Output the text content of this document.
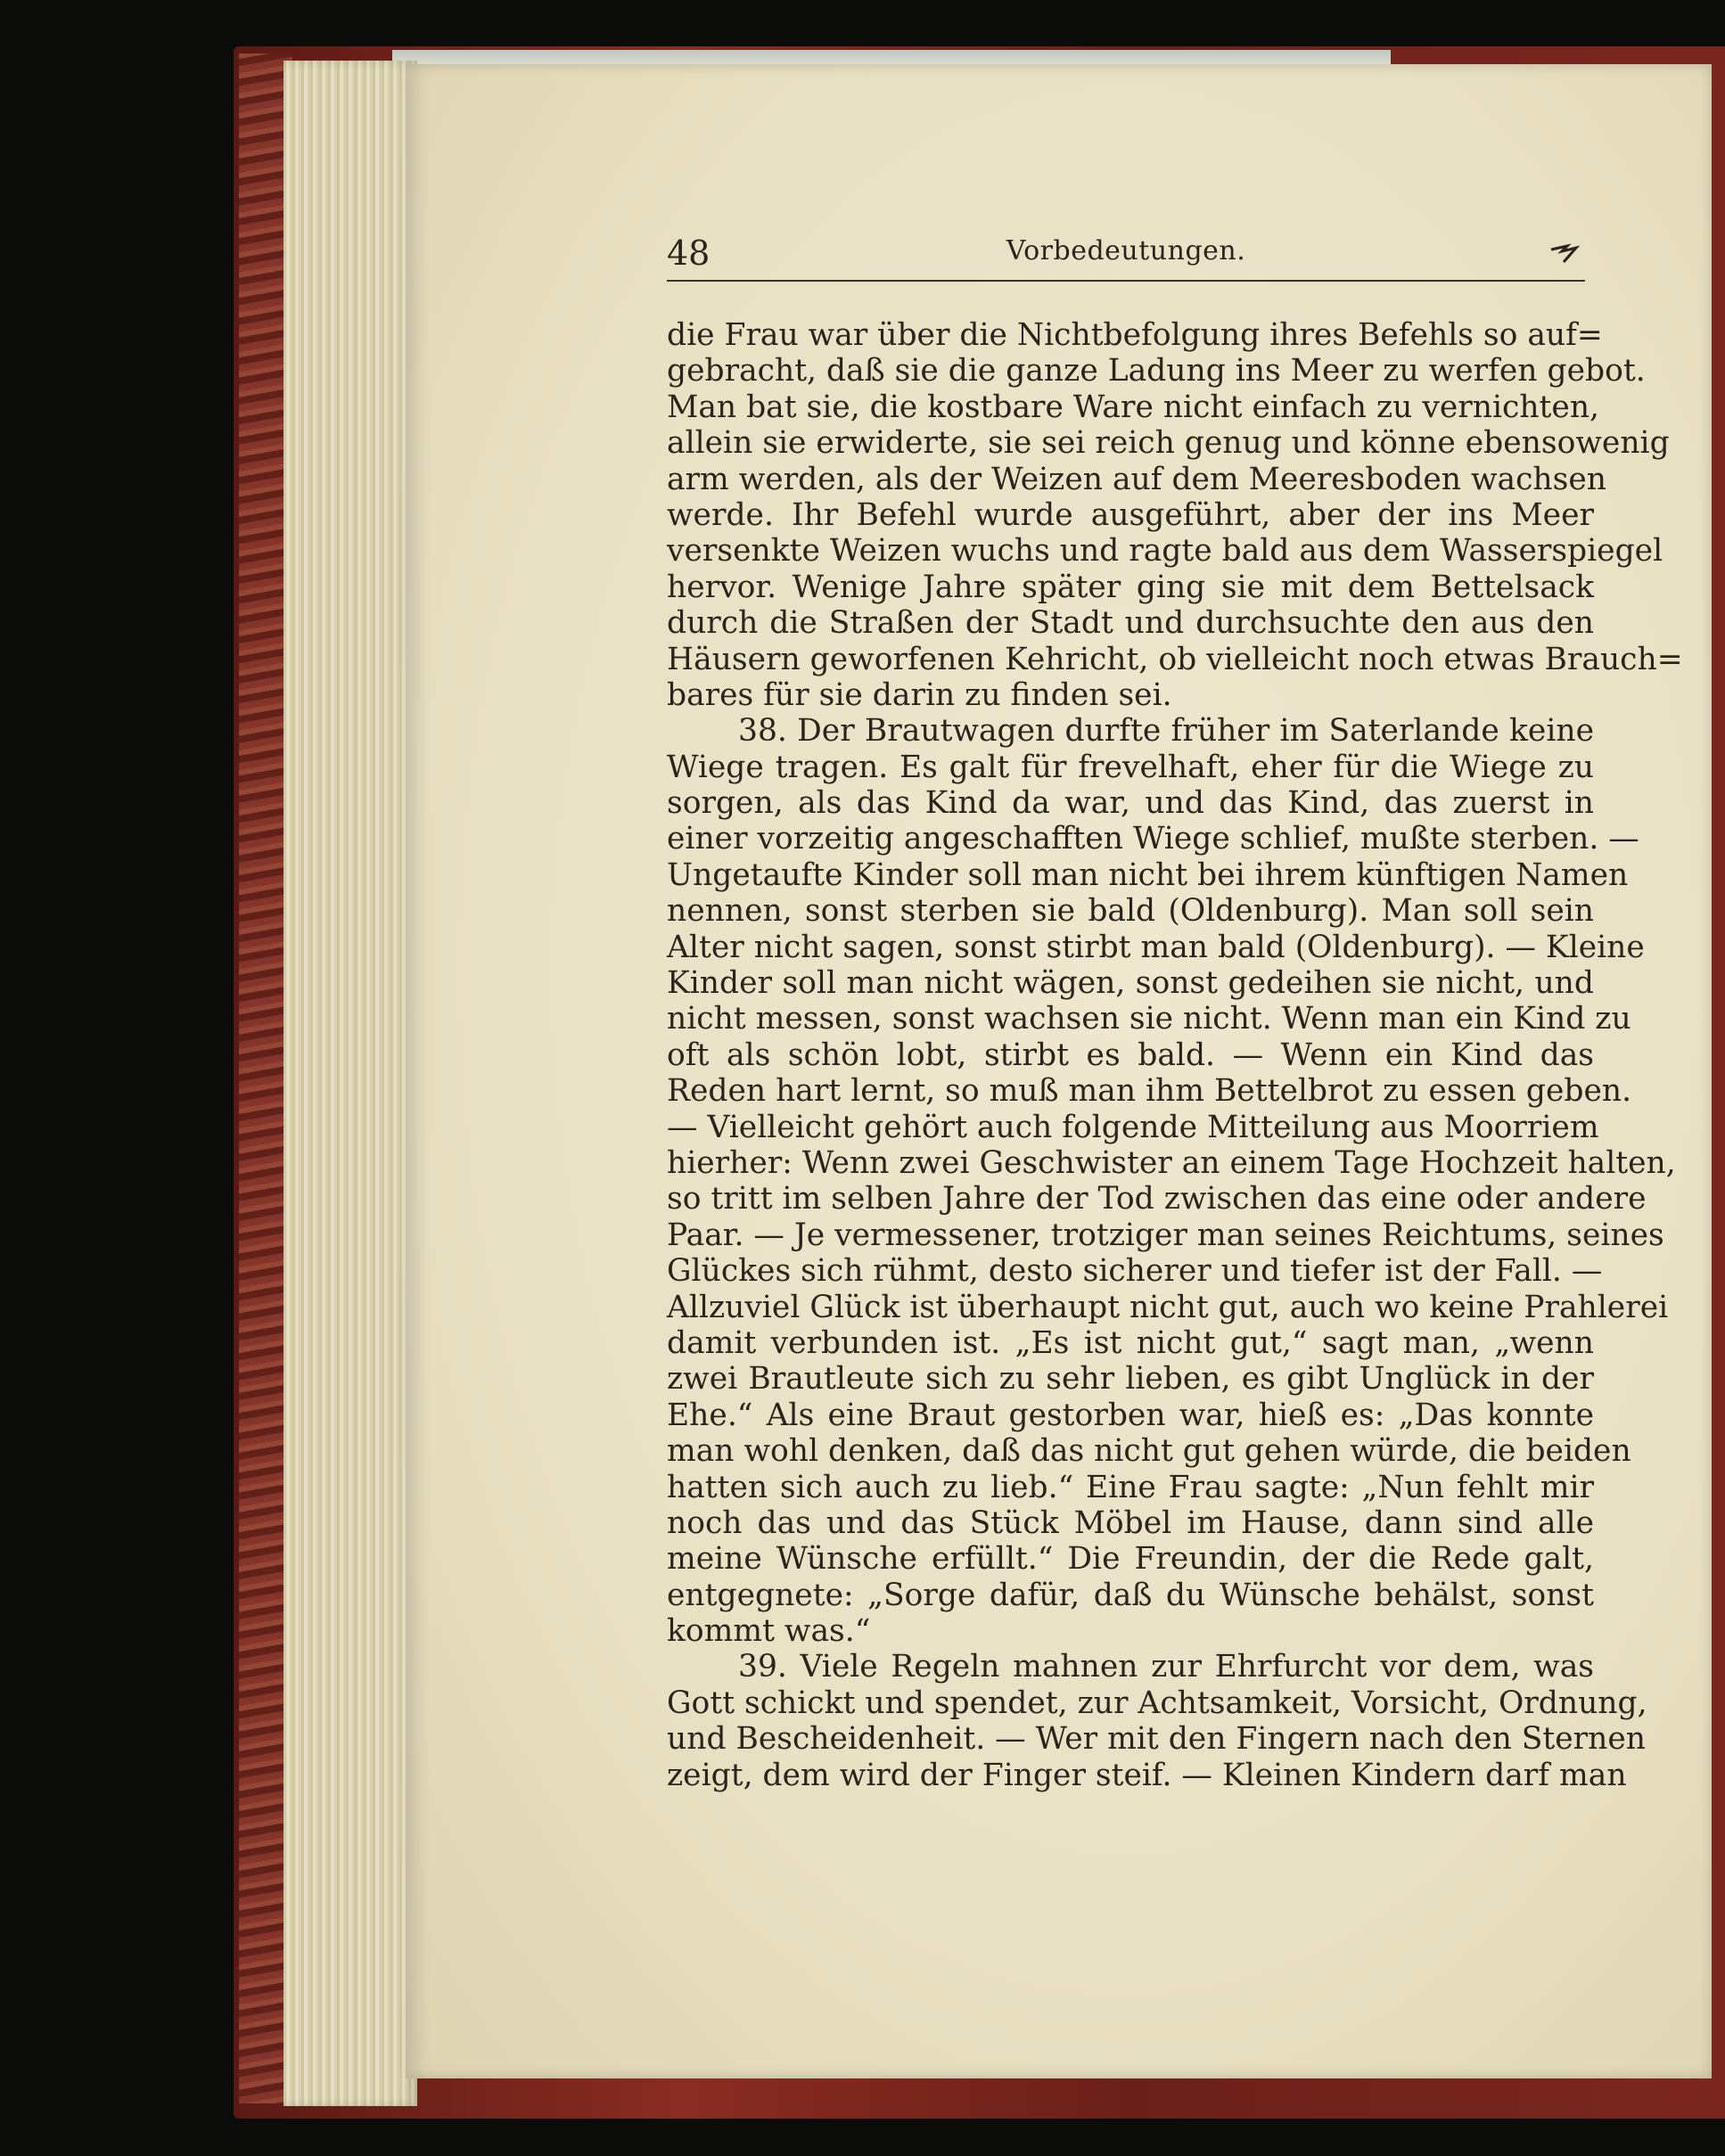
48	Vorbedeutungen.
die Frau war über die Nichtbefolgung ihres Befehls so auf=
gebracht, daß sie die ganze Ladung ins Meer zu werfen gebot.
Man bat sie, die kostbare Ware nicht einfach zu vernichten,
allein sie erwiderte, sie sei reich genug und könne ebensowenig
arm werden, als der Weizen auf dem Meeresboden wachsen
werde. Ihr Befehl wurde ausgeführt, aber der ins Meer
versenkte Weizen wuchs und ragte bald aus dem Wasserspiegel
hervor. Wenige Jahre später ging sie mit dem Bettelsack
durch die Straßen der Stadt und durchsuchte den aus den
Häusern geworfenen Kehricht, ob vielleicht noch etwas Brauch=
bares für sie darin zu finden sei.
38. Der Brautwagen durfte früher im Saterlande keine
Wiege tragen. Es galt für frevelhaft, eher für die Wiege zu
sorgen, als das Kind da war, und das Kind, das zuerst in
einer vorzeitig angeschafften Wiege schlief, mußte sterben. —
Ungetaufte Kinder soll man nicht bei ihrem künftigen Namen
nennen, sonst sterben sie bald (Oldenburg). Man soll sein
Alter nicht sagen, sonst stirbt man bald (Oldenburg). — Kleine
Kinder soll man nicht wägen, sonst gedeihen sie nicht, und
nicht messen, sonst wachsen sie nicht. Wenn man ein Kind zu
oft als schön lobt, stirbt es bald. — Wenn ein Kind das
Reden hart lernt, so muß man ihm Bettelbrot zu essen geben.
— Vielleicht gehört auch folgende Mitteilung aus Moorriem
hierher: Wenn zwei Geschwister an einem Tage Hochzeit halten,
so tritt im selben Jahre der Tod zwischen das eine oder andere
Paar. — Je vermessener, trotziger man seines Reichtums, seines
Glückes sich rühmt, desto sicherer und tiefer ist der Fall. —
Allzuviel Glück ist überhaupt nicht gut, auch wo keine Prahlerei
damit verbunden ist. „Es ist nicht gut,“ sagt man, „wenn
zwei Brautleute sich zu sehr lieben, es gibt Unglück in der
Ehe.“ Als eine Braut gestorben war, hieß es: „Das konnte
man wohl denken, daß das nicht gut gehen würde, die beiden
hatten sich auch zu lieb.“ Eine Frau sagte: „Nun fehlt mir
noch das und das Stück Möbel im Hause, dann sind alle
meine Wünsche erfüllt.“ Die Freundin, der die Rede galt,
entgegnete: „Sorge dafür, daß du Wünsche behälst, sonst
kommt was.“
39. Viele Regeln mahnen zur Ehrfurcht vor dem, was
Gott schickt und spendet, zur Achtsamkeit, Vorsicht, Ordnung,
und Bescheidenheit. — Wer mit den Fingern nach den Sternen
zeigt, dem wird der Finger steif. — Kleinen Kindern darf man
